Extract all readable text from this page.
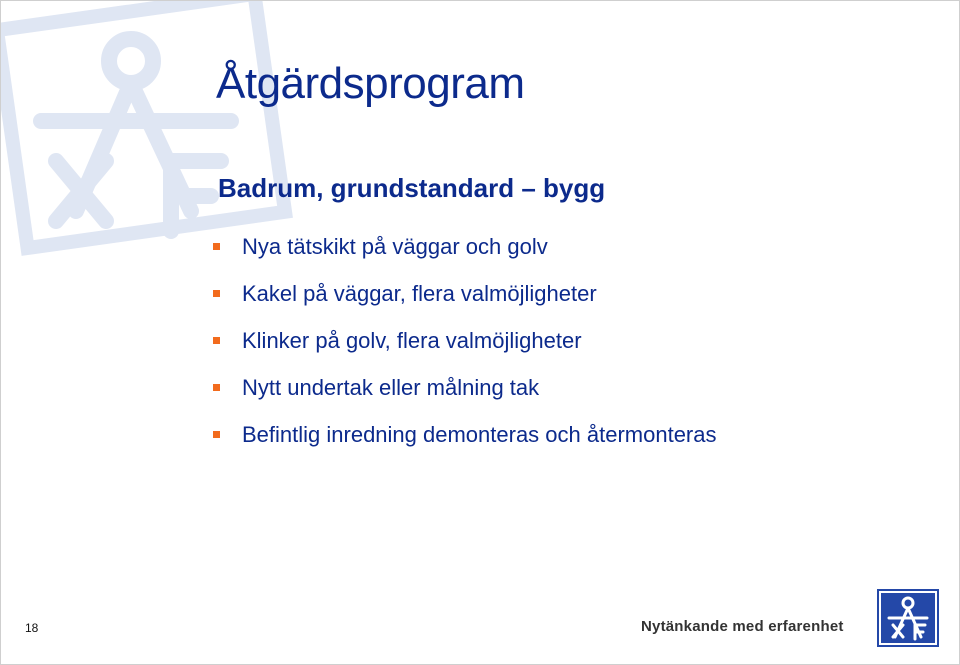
Åtgärdsprogram
Badrum, grundstandard – bygg
Nya tätskikt på väggar och golv
Kakel på väggar, flera valmöjligheter
Klinker på golv, flera valmöjligheter
Nytt undertak eller målning tak
Befintlig inredning demonteras och återmonteras
18	Nytänkande med erfarenhet
